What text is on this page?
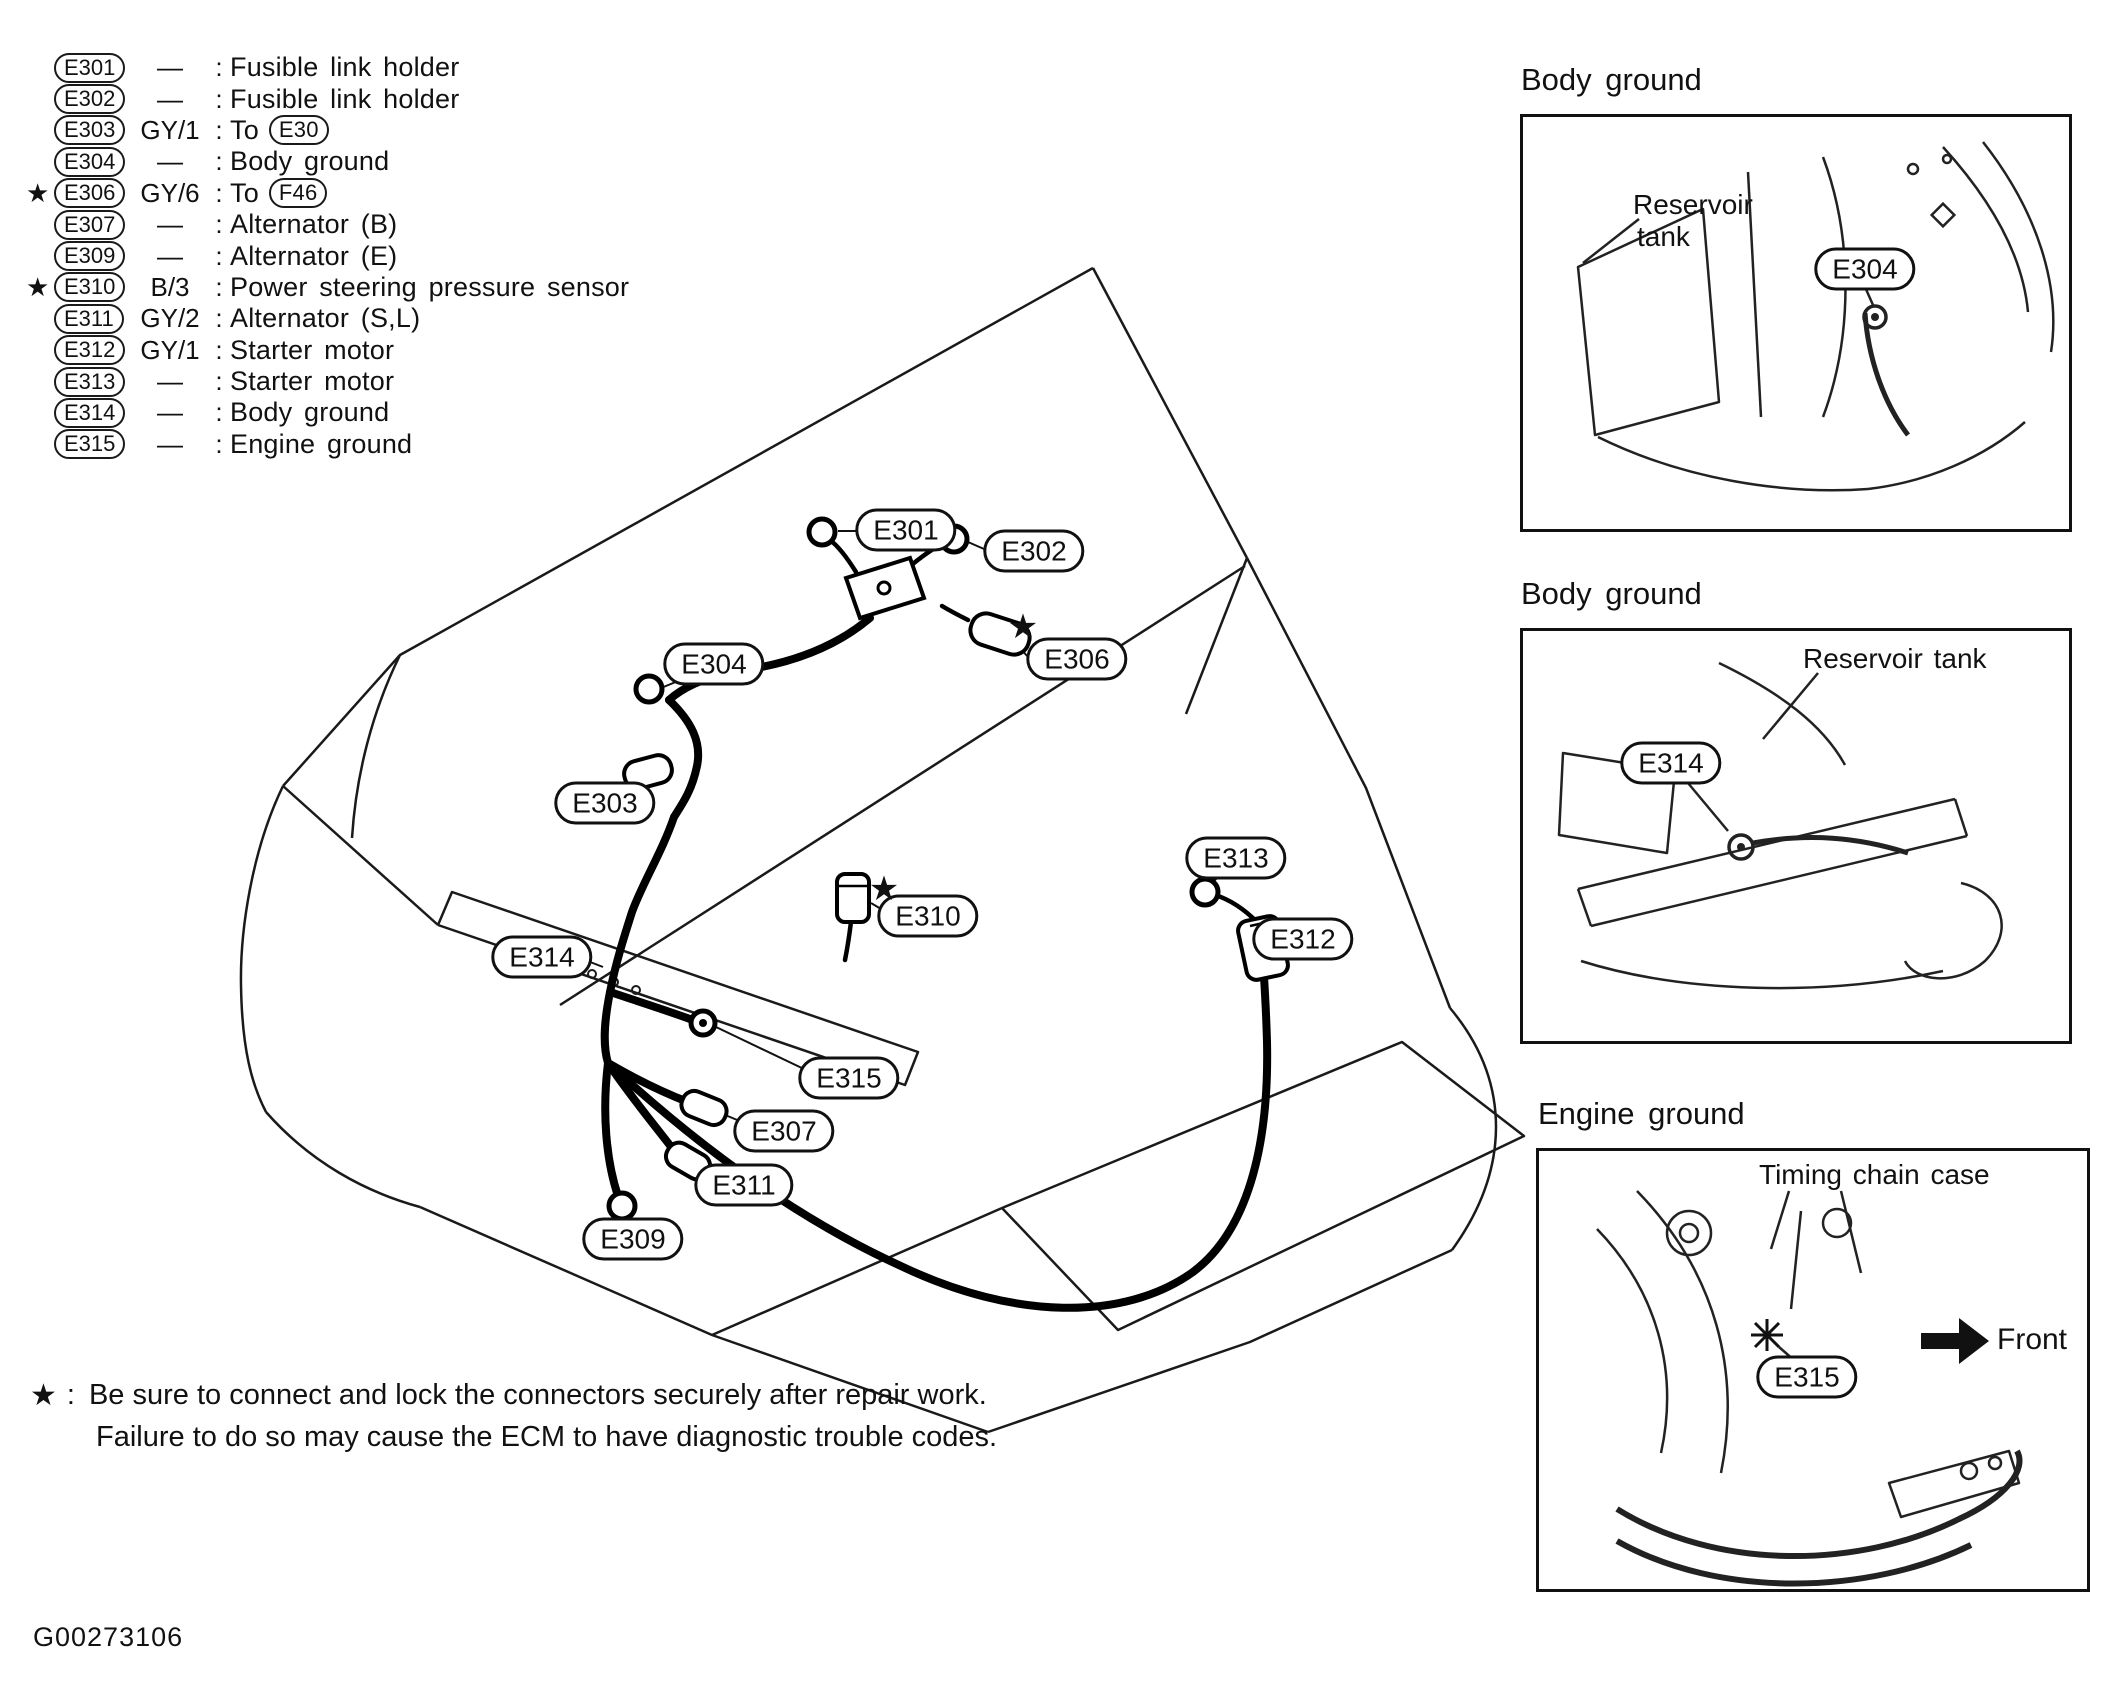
E301	—	: Fusible link holder
E302	—	: Fusible link holder
E303 GY/1 : To E30
E304	—	: Body ground
★ E306 GY/6 : To F46
E307	—	: Alternator (B)
E309	—	: Alternator (E)
★ E310	B/3 : Power steering pressure sensor
E311	GY/2 : Alternator (S,L)
E312 GY/1 : Starter motor
E313	—	: Starter motor
E314	—	: Body ground
E315	—	: Engine ground
E301
E302
E306
★
E304
E303
E310
★
E313
E312
E314
E315
E307
E311
E309
Body ground
Reservoir
tank
E304
Body ground
Reservoir tank
E314
Engine ground
Timing chain case
E315
Front
★ : Be sure to connect and lock the connectors securely after repair work.
Failure to do so may cause the ECM to have diagnostic trouble codes.
G00273106
